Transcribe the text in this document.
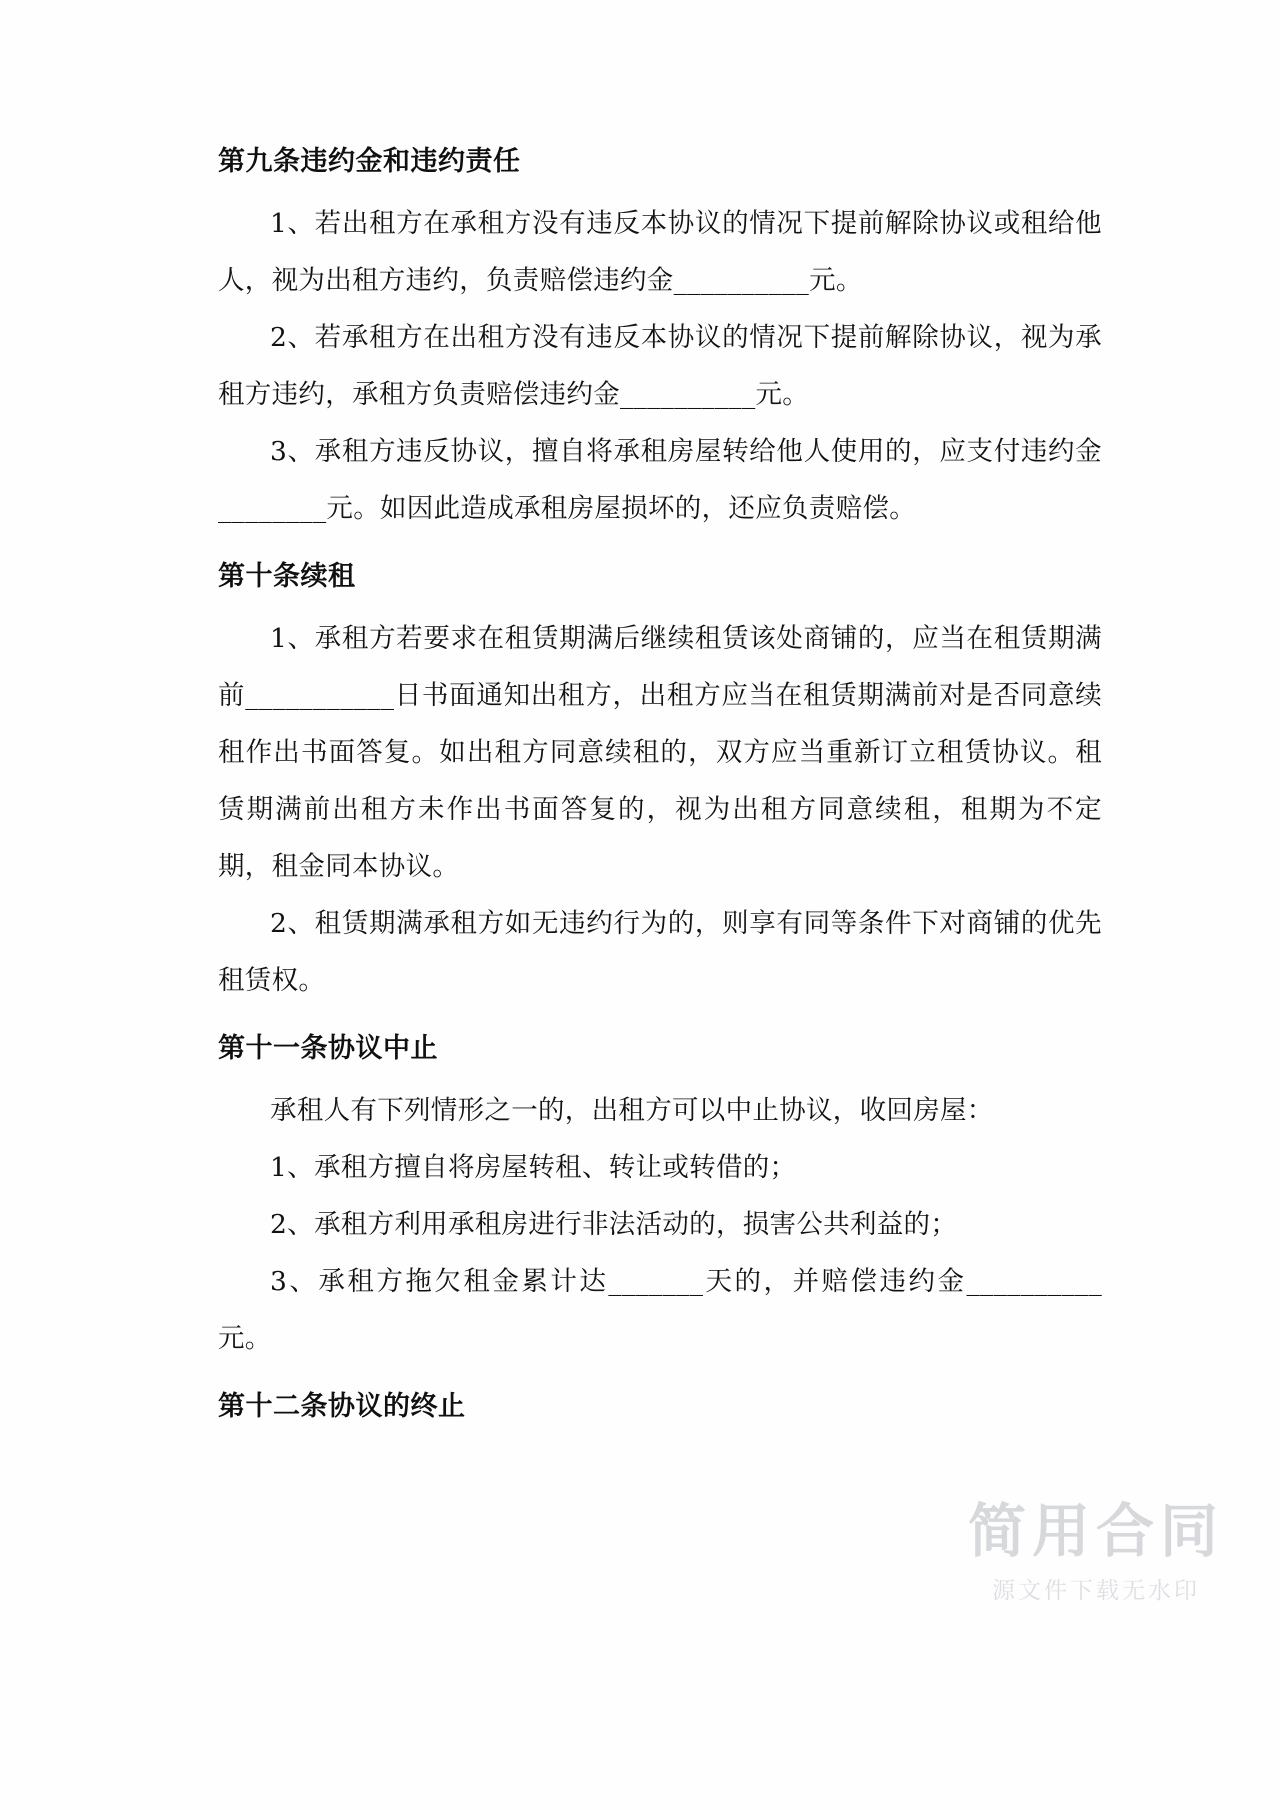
第九条违约金和违约责任

1、若出租方在承租方没有违反本协议的情况下提前解除协议或租给他人，视为出租方违约，负责赔偿违约金__________元。

2、若承租方在出租方没有违反本协议的情况下提前解除协议，视为承租方违约，承租方负责赔偿违约金__________元。

3、承租方违反协议，擅自将承租房屋转给他人使用的，应支付违约金________元。如因此造成承租房屋损坏的，还应负责赔偿。

第十条续租

1、承租方若要求在租赁期满后继续租赁该处商铺的，应当在租赁期满前___________日书面通知出租方，出租方应当在租赁期满前对是否同意续租作出书面答复。如出租方同意续租的，双方应当重新订立租赁协议。租赁期满前出租方未作出书面答复的，视为出租方同意续租，租期为不定期，租金同本协议。

2、租赁期满承租方如无违约行为的，则享有同等条件下对商铺的优先租赁权。

第十一条协议中止

承租人有下列情形之一的，出租方可以中止协议，收回房屋：

1、承租方擅自将房屋转租、转让或转借的；

2、承租方利用承租房进行非法活动的，损害公共利益的；

3、承租方拖欠租金累计达_______天的，并赔偿违约金__________元。

第十二条协议的终止
简用合同
源文件下载无水印
